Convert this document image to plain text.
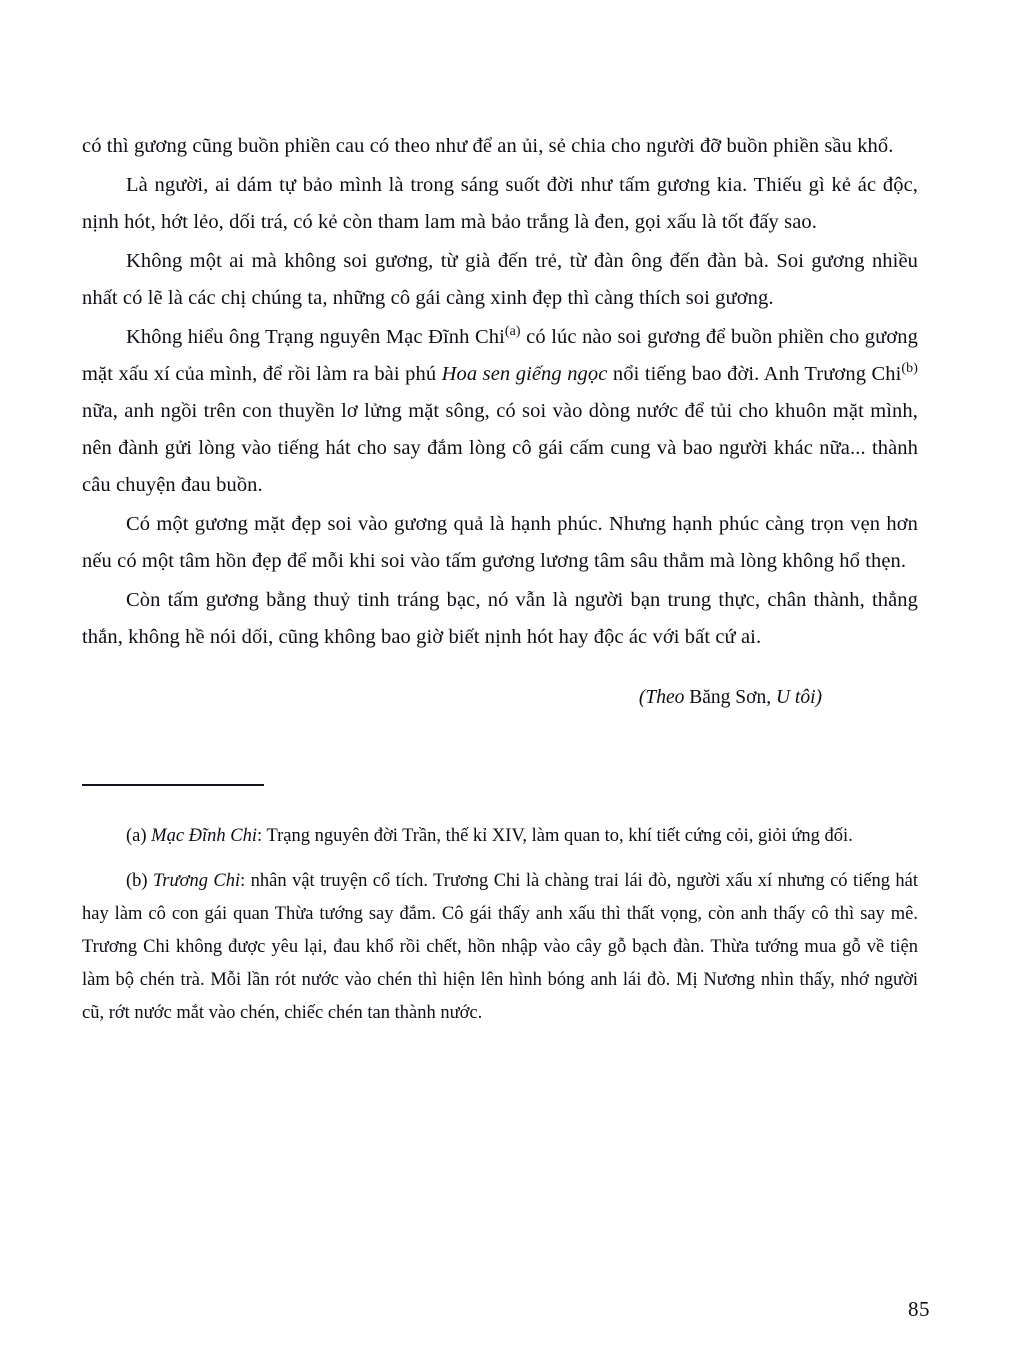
có thì gương cũng buồn phiền cau có theo như để an ủi, sẻ chia cho người đỡ buồn phiền sầu khổ.

Là người, ai dám tự bảo mình là trong sáng suốt đời như tấm gương kia. Thiếu gì kẻ ác độc, nịnh hót, hớt lẻo, dối trá, có kẻ còn tham lam mà bảo trắng là đen, gọi xấu là tốt đấy sao.

Không một ai mà không soi gương, từ già đến trẻ, từ đàn ông đến đàn bà. Soi gương nhiều nhất có lẽ là các chị chúng ta, những cô gái càng xinh đẹp thì càng thích soi gương.

Không hiểu ông Trạng nguyên Mạc Đĩnh Chi$^{(a)}$ có lúc nào soi gương để buồn phiền cho gương mặt xấu xí của mình, để rồi làm ra bài phú Hoa sen giếng ngọc nổi tiếng bao đời. Anh Trương Chi$^{(b)}$ nữa, anh ngồi trên con thuyền lơ lửng mặt sông, có soi vào dòng nước để tủi cho khuôn mặt mình, nên đành gửi lòng vào tiếng hát cho say đắm lòng cô gái cấm cung và bao người khác nữa... thành câu chuyện đau buồn.

Có một gương mặt đẹp soi vào gương quả là hạnh phúc. Nhưng hạnh phúc càng trọn vẹn hơn nếu có một tâm hồn đẹp để mỗi khi soi vào tấm gương lương tâm sâu thẳm mà lòng không hổ thẹn.

Còn tấm gương bằng thuỷ tinh tráng bạc, nó vẫn là người bạn trung thực, chân thành, thẳng thắn, không hề nói dối, cũng không bao giờ biết nịnh hót hay độc ác với bất cứ ai.

(Theo Băng Sơn, U tôi)

(a) Mạc Đĩnh Chi: Trạng nguyên đời Trần, thế kỉ XIV, làm quan to, khí tiết cứng cỏi, giỏi ứng đối.

(b) Trương Chi: nhân vật truyện cổ tích. Trương Chi là chàng trai lái đò, người xấu xí nhưng có tiếng hát hay làm cô con gái quan Thừa tướng say đắm. Cô gái thấy anh xấu thì thất vọng, còn anh thấy cô thì say mê. Trương Chi không được yêu lại, đau khổ rồi chết, hồn nhập vào cây gỗ bạch đàn. Thừa tướng mua gỗ về tiện làm bộ chén trà. Mỗi lần rót nước vào chén thì hiện lên hình bóng anh lái đò. Mị Nương nhìn thấy, nhớ người cũ, rớt nước mắt vào chén, chiếc chén tan thành nước.

85
